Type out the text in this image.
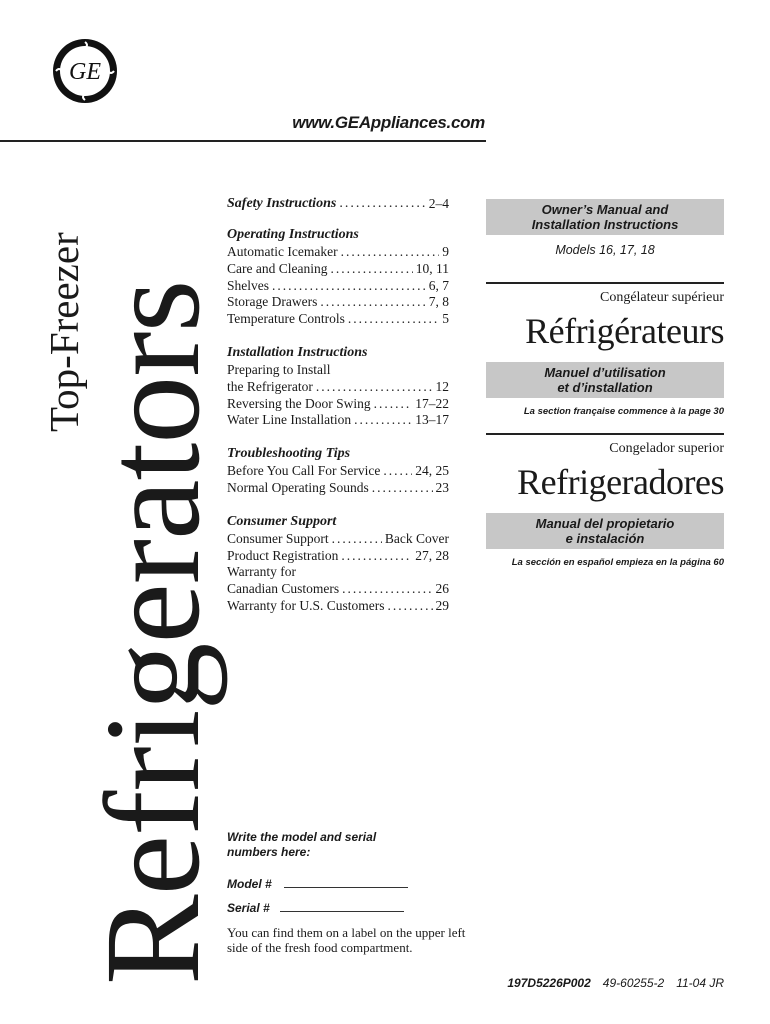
GE
www.GEAppliances.com
Refrigerators
Top-Freezer
Safety Instructions .....	2–4
Operating Instructions
Automatic Icemaker .....	9
Care and Cleaning .....	10, 11
Shelves .....	6, 7
Storage Drawers .....	7, 8
Temperature Controls .....	5
Installation Instructions
Preparing to Install
the Refrigerator .....	12
Reversing the Door Swing .....	17–22
Water Line Installation .....	13–17
Troubleshooting Tips
Before You Call For Service .....	24, 25
Normal Operating Sounds .....	23
Consumer Support
Consumer Support .....	Back Cover
Product Registration .....	27, 28
Warranty for
Canadian Customers .....	26
Warranty for U.S. Customers .....	29
Owner’s Manual and
Installation Instructions
Models 16, 17, 18
Congélateur supérieur
Réfrigérateurs
Manuel d’utilisation
et d’installation
La section française commence à la page 30
Congelador superior
Refrigeradores
Manual del propietario
e instalación
La sección en español empieza en la página 60
Write the model and serial
numbers here:
Model #
Serial #
You can find them on a label on the upper left side of the fresh food compartment.
197D5226P002 49-60255-2 11-04 JR
